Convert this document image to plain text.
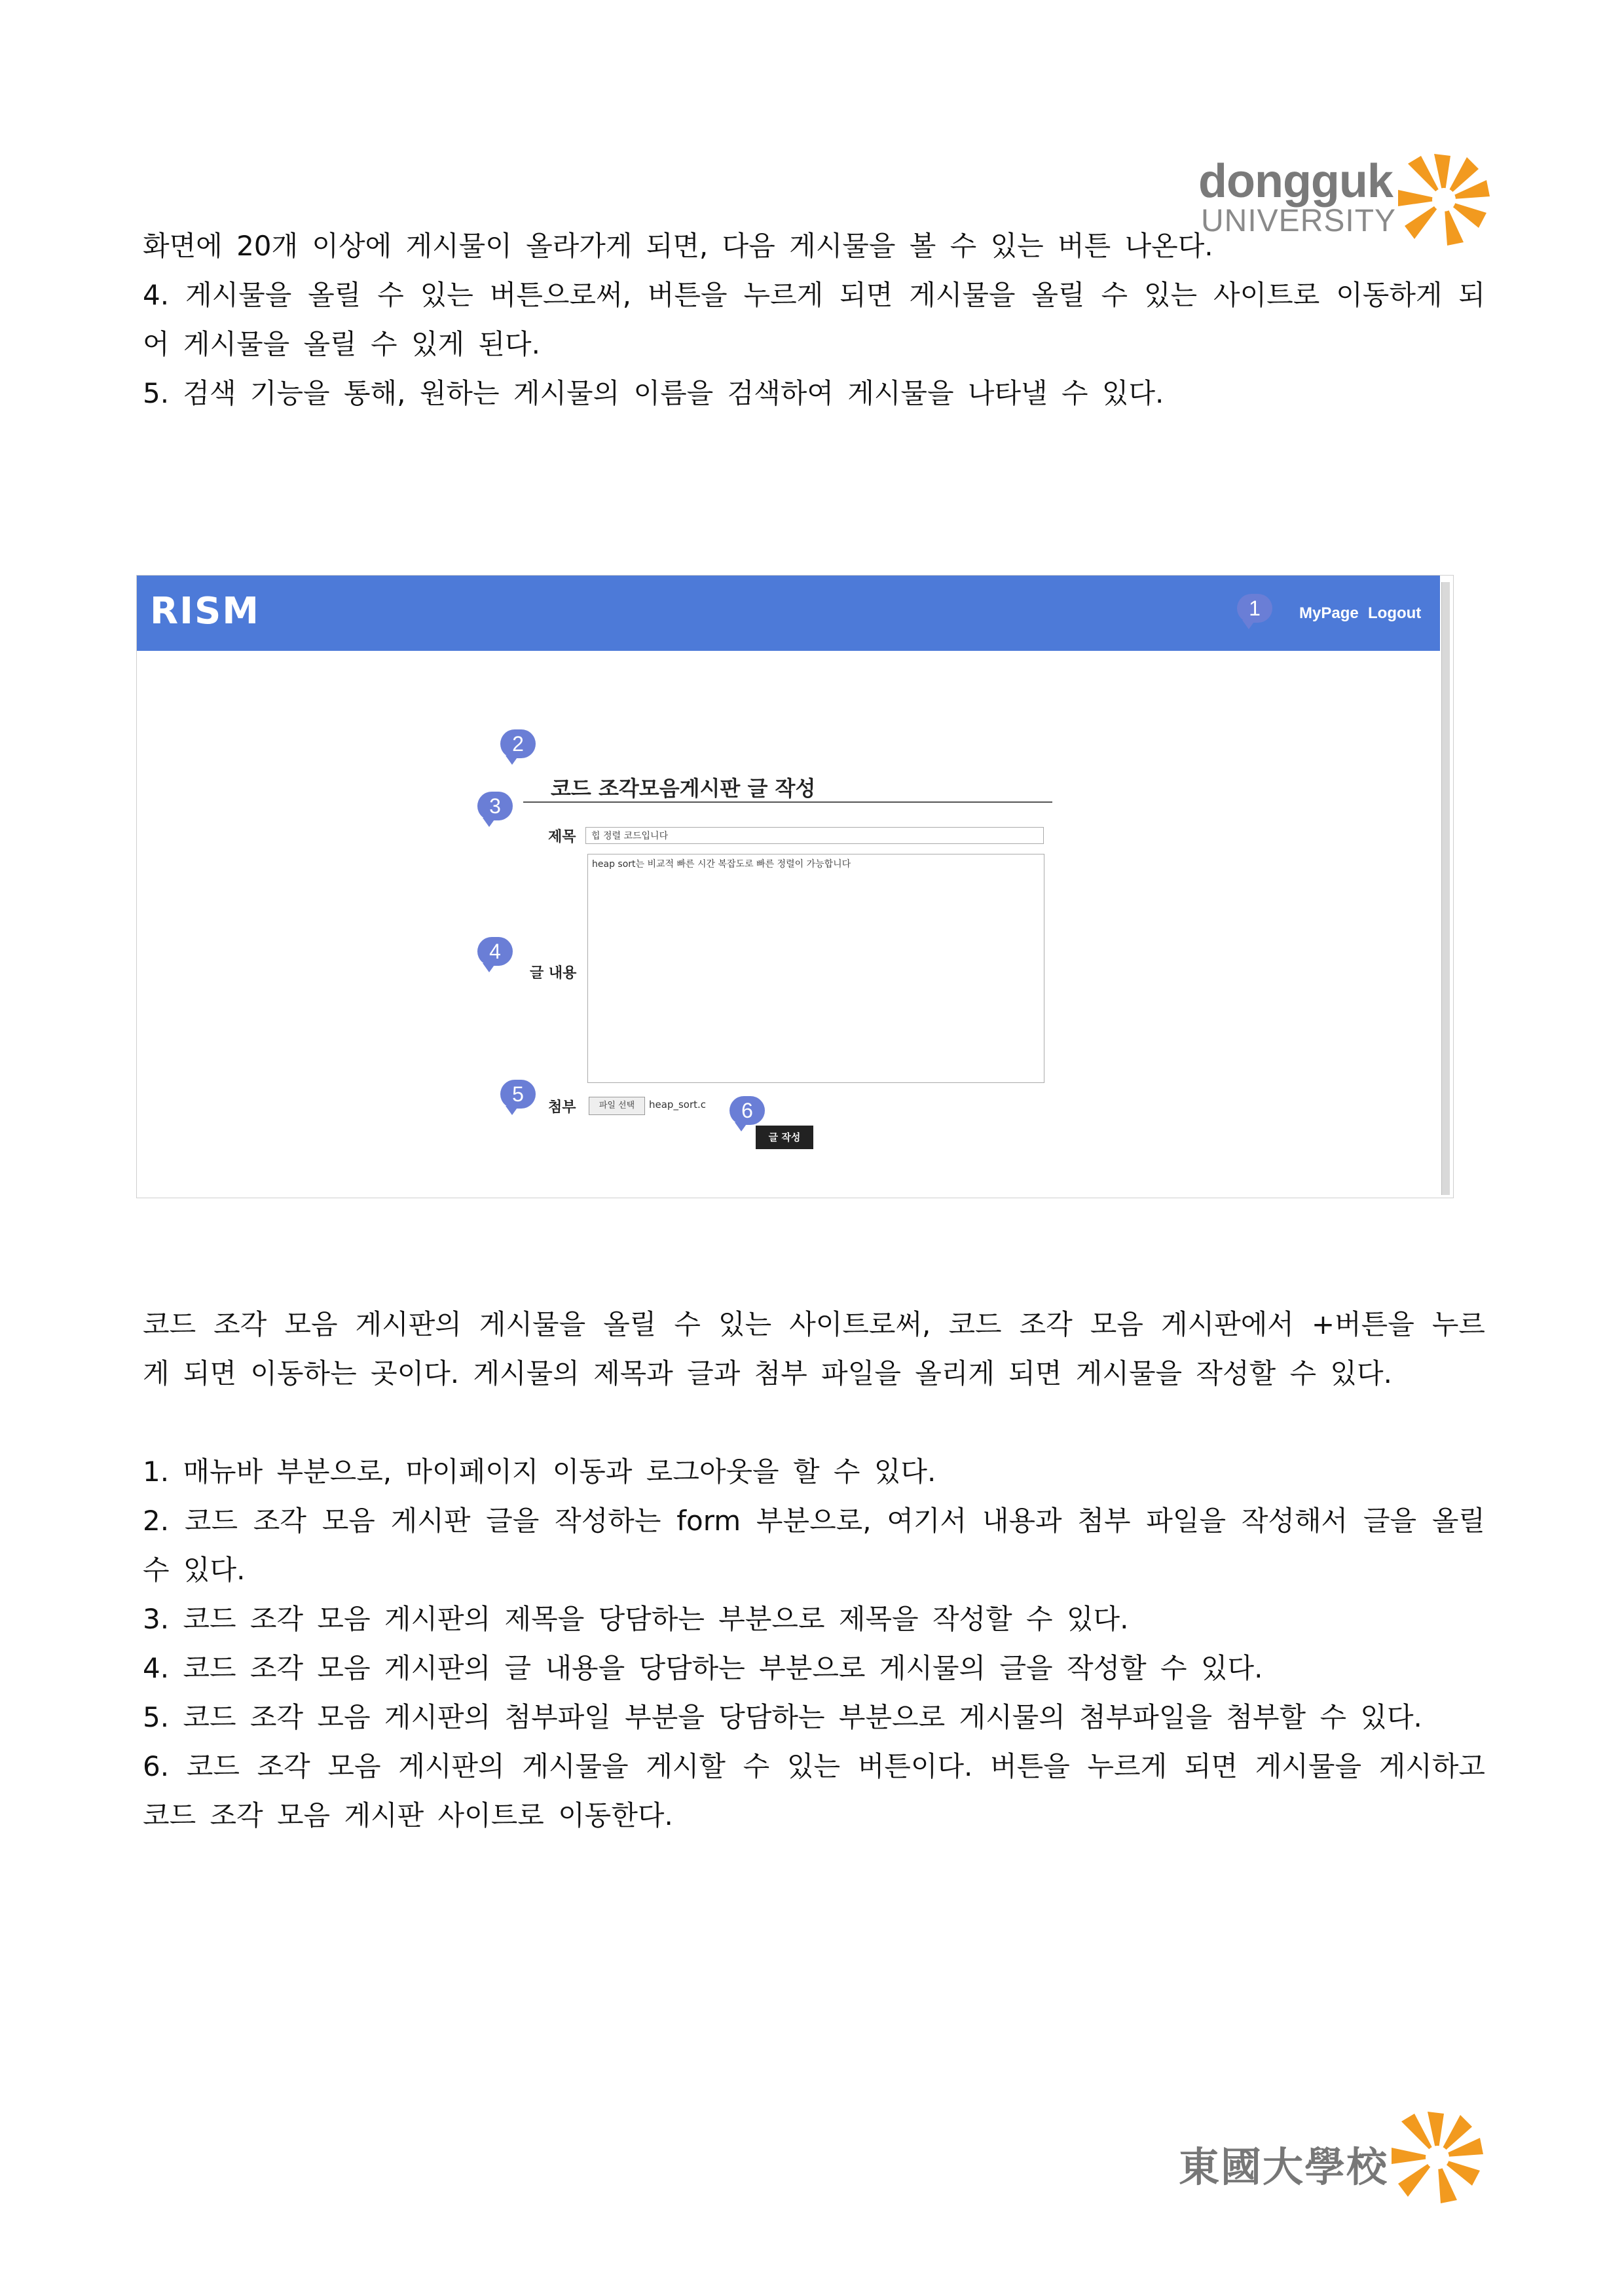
dongguk
UNIVERSITY
화면에 20개 이상에 게시물이 올라가게 되면, 다음 게시물을 볼 수 있는 버튼 나온다.
4. 게시물을 올릴 수 있는 버튼으로써, 버튼을 누르게 되면 게시물을 올릴 수 있는 사이트로 이동하게 되
어 게시물을 올릴 수 있게 된다.
5. 검색 기능을 통해, 원하는 게시물의 이름을 검색하여 게시물을 나타낼 수 있다.
RISM	MyPage Logout
1
2
3
코드 조각모음게시판 글 작성
제목	힙 정렬 코드입니다
4
글 내용
heap sort는 비교적 빠른 시간 복잡도로 빠른 정렬이 가능합니다
5
첨부	파일 선택	heap_sort.c	6
글 작성
코드 조각 모음 게시판의 게시물을 올릴 수 있는 사이트로써, 코드 조각 모음 게시판에서 +버튼을 누르
게 되면 이동하는 곳이다. 게시물의 제목과 글과 첨부 파일을 올리게 되면 게시물을 작성할 수 있다.
1. 매뉴바 부분으로, 마이페이지 이동과 로그아웃을 할 수 있다.
2. 코드 조각 모음 게시판 글을 작성하는 form 부분으로, 여기서 내용과 첨부 파일을 작성해서 글을 올릴
수 있다.
3. 코드 조각 모음 게시판의 제목을 당담하는 부분으로 제목을 작성할 수 있다.
4. 코드 조각 모음 게시판의 글 내용을 당담하는 부분으로 게시물의 글을 작성할 수 있다.
5. 코드 조각 모음 게시판의 첨부파일 부분을 당담하는 부분으로 게시물의 첨부파일을 첨부할 수 있다.
6. 코드 조각 모음 게시판의 게시물을 게시할 수 있는 버튼이다. 버튼을 누르게 되면 게시물을 게시하고
코드 조각 모음 게시판 사이트로 이동한다.
東國大學校
